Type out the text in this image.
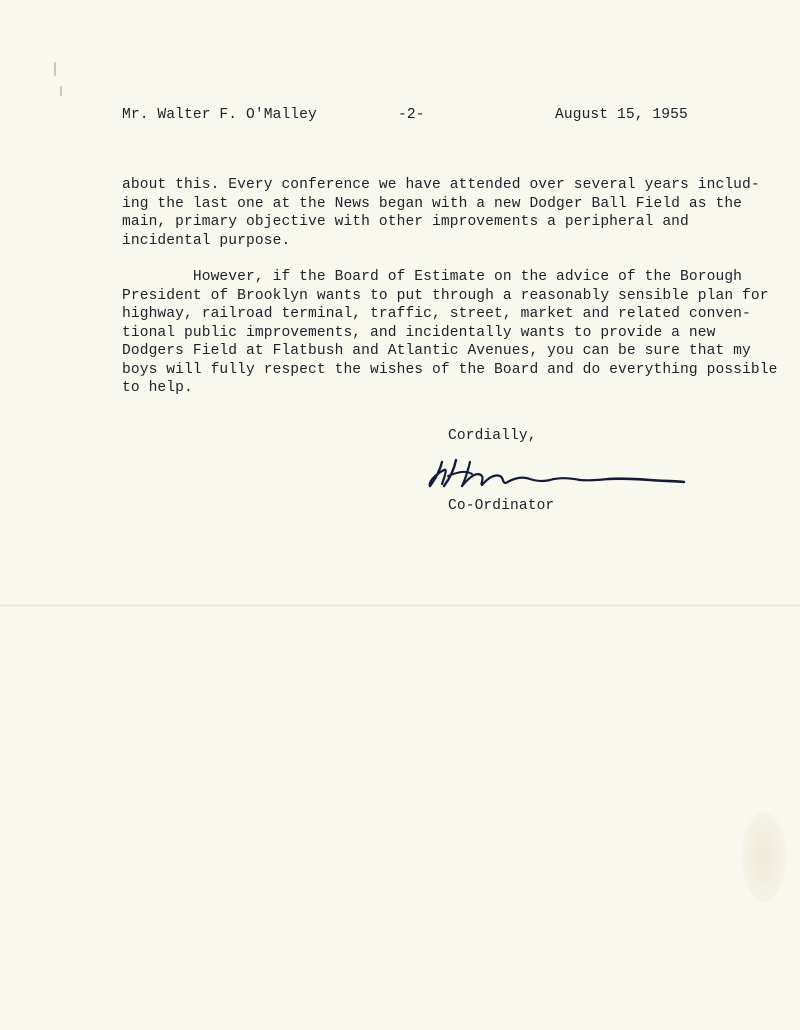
Mr. Walter F. O'Malley	-2-	August 15, 1955

about this. Every conference we have attended over several years includ-
ing the last one at the News began with a new Dodger Ball Field as the
main, primary objective with other improvements a peripheral and
incidental purpose.

However, if the Board of Estimate on the advice of the Borough
President of Brooklyn wants to put through a reasonably sensible plan for
highway, railroad terminal, traffic, street, market and related conven-
tional public improvements, and incidentally wants to provide a new
Dodgers Field at Flatbush and Atlantic Avenues, you can be sure that my
boys will fully respect the wishes of the Board and do everything possible
to help.

Cordially,
Co-Ordinator
